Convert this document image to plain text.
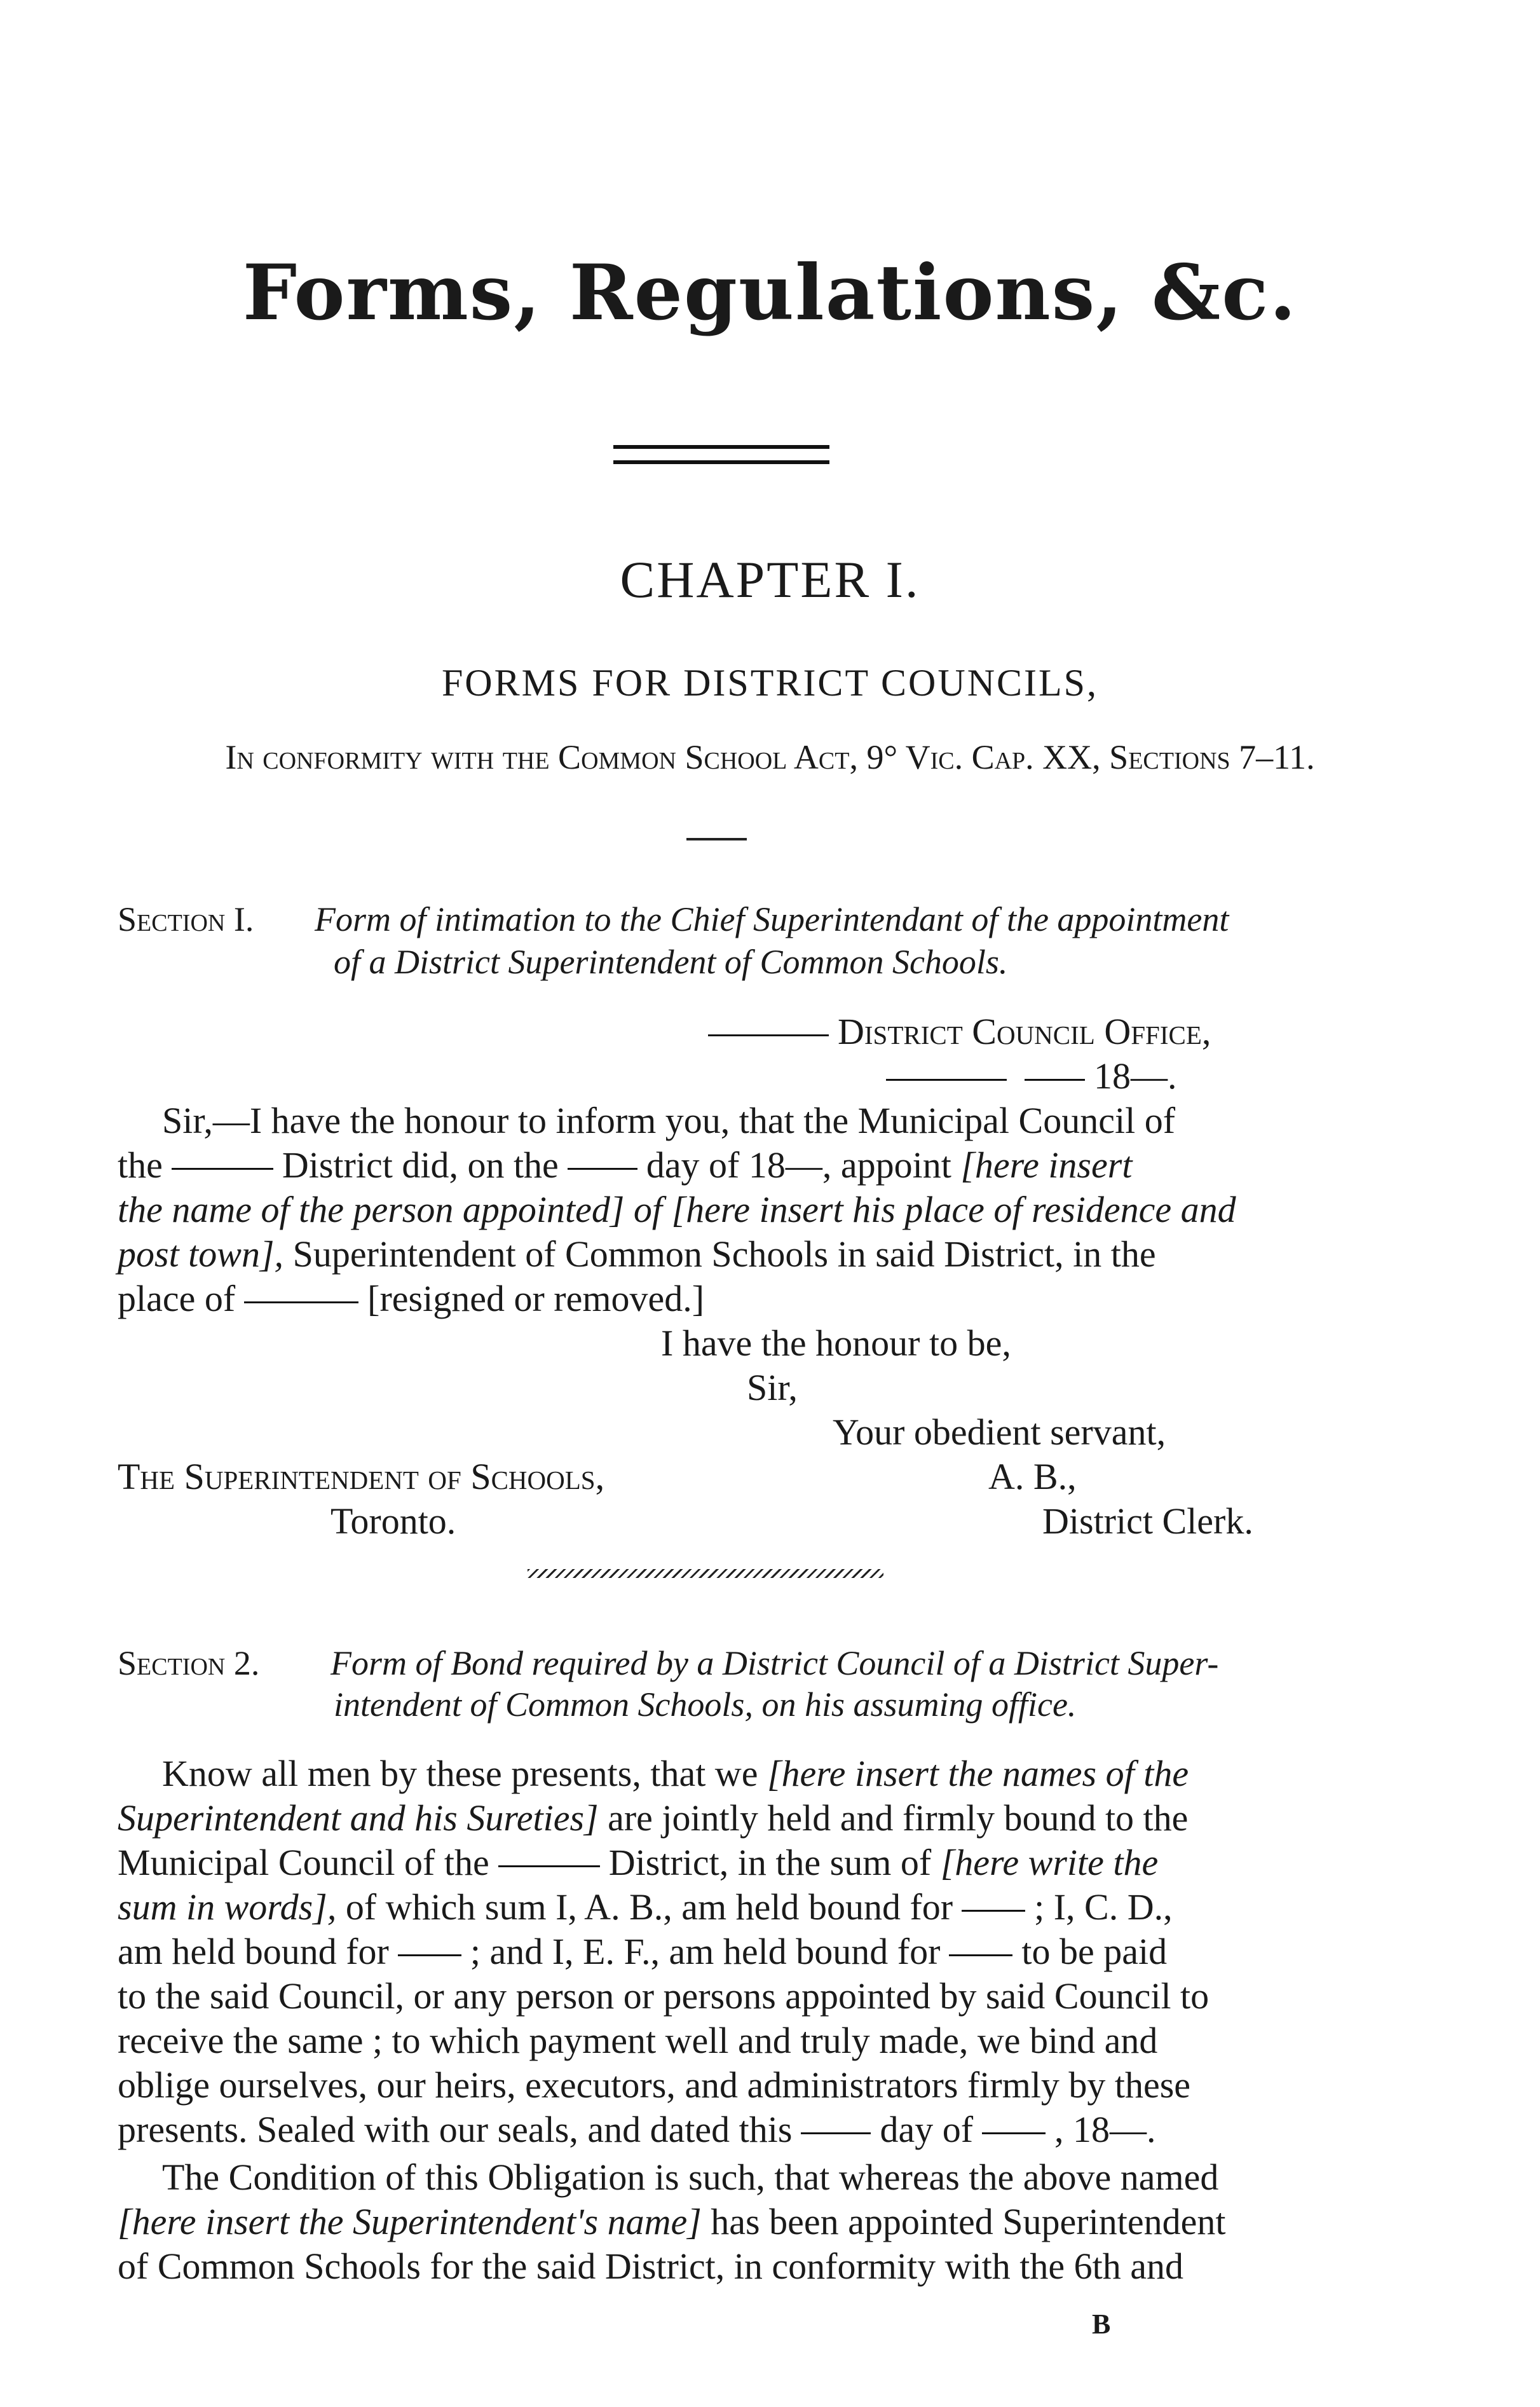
Forms, Regulations, &c.
CHAPTER I.
FORMS FOR DISTRICT COUNCILS,
In conformity with the Common School Act, 9° Vic. Cap. XX, Sections 7–11.
Section I. Form of intimation to the Chief Superintendant of the appointment
of a District Superintendent of Common Schools.
District Council Office,
18—.
Sir,—I have the honour to inform you, that the Municipal Council of
the	District did, on the day of 18—, appoint [here insert
the name of the person appointed] of [here insert his place of residence and
post town], Superintendent of Common Schools in said District, in the
place of	[resigned or removed.]
I have the honour to be,
Sir,
Your obedient servant,
The Superintendent of Schools,	A. B.,
Toronto.	District Clerk.
Section 2. Form of Bond required by a District Council of a District Super-
intendent of Common Schools, on his assuming office.
Know all men by these presents, that we [here insert the names of the
Superintendent and his Sureties] are jointly held and firmly bound to the
Municipal Council of the	District, in the sum of [here write the
sum in words], of which sum I, A. B., am held bound for ; I, C. D.,
am held bound for ; and I, E. F., am held bound for to be paid
to the said Council, or any person or persons appointed by said Council to
receive the same ; to which payment well and truly made, we bind and
oblige ourselves, our heirs, executors, and administrators firmly by these
presents. Sealed with our seals, and dated this day of , 18—.
The Condition of this Obligation is such, that whereas the above named
[here insert the Superintendent's name] has been appointed Superintendent
of Common Schools for the said District, in conformity with the 6th and
B
